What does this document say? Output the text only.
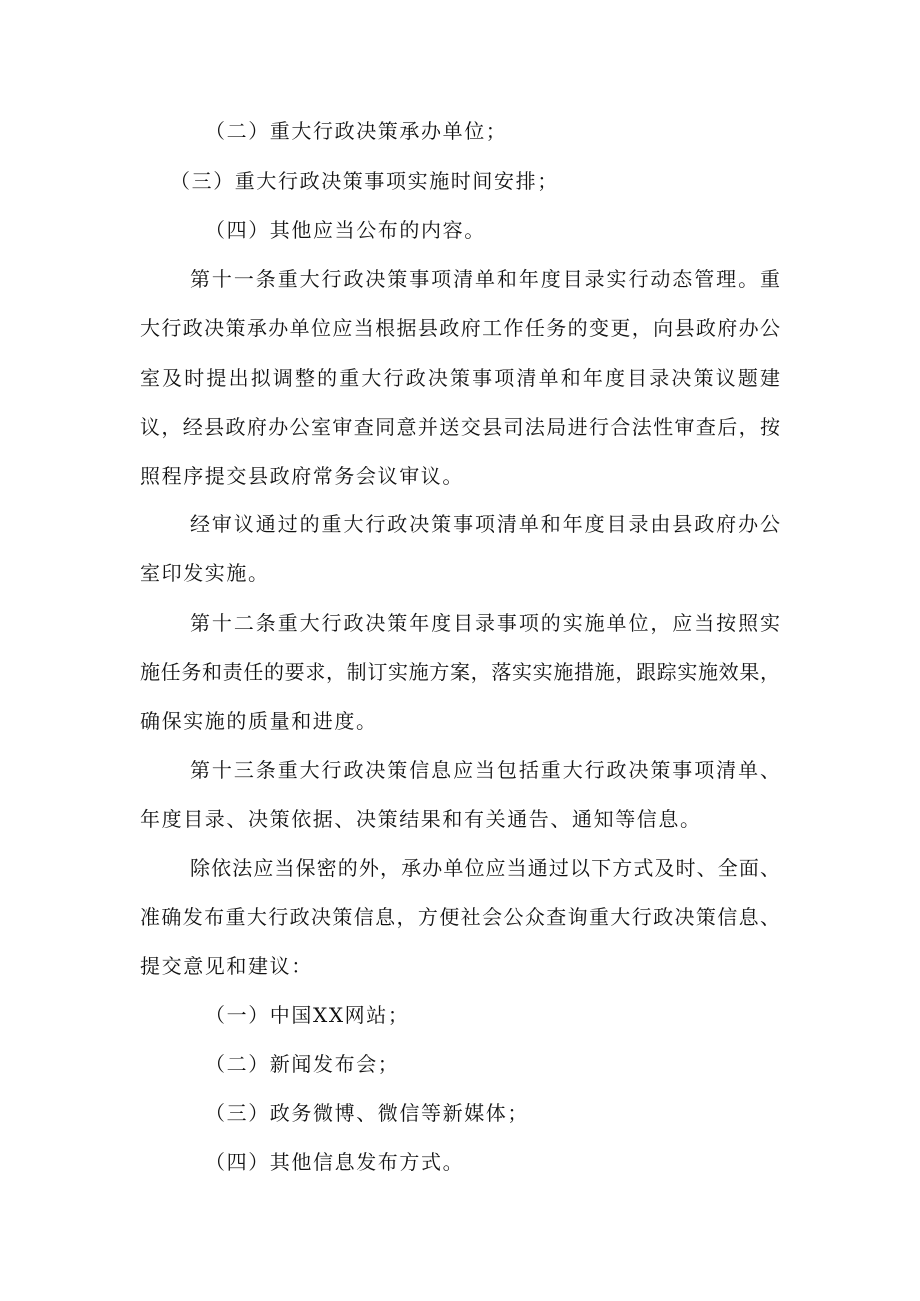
（二）重大行政决策承办单位；
（三）重大行政决策事项实施时间安排；
（四）其他应当公布的内容。
第十一条重大行政决策事项清单和年度目录实行动态管理。重
大行政决策承办单位应当根据县政府工作任务的变更，向县政府办公
室及时提出拟调整的重大行政决策事项清单和年度目录决策议题建
议，经县政府办公室审查同意并送交县司法局进行合法性审查后，按
照程序提交县政府常务会议审议。
经审议通过的重大行政决策事项清单和年度目录由县政府办公
室印发实施。
第十二条重大行政决策年度目录事项的实施单位，应当按照实
施任务和责任的要求，制订实施方案，落实实施措施，跟踪实施效果，
确保实施的质量和进度。
第十三条重大行政决策信息应当包括重大行政决策事项清单、
年度目录、决策依据、决策结果和有关通告、通知等信息。
除依法应当保密的外，承办单位应当通过以下方式及时、全面、
准确发布重大行政决策信息，方便社会公众查询重大行政决策信息、
提交意见和建议：
（一）中国XX网站；
（二）新闻发布会；
（三）政务微博、微信等新媒体；
（四）其他信息发布方式。
